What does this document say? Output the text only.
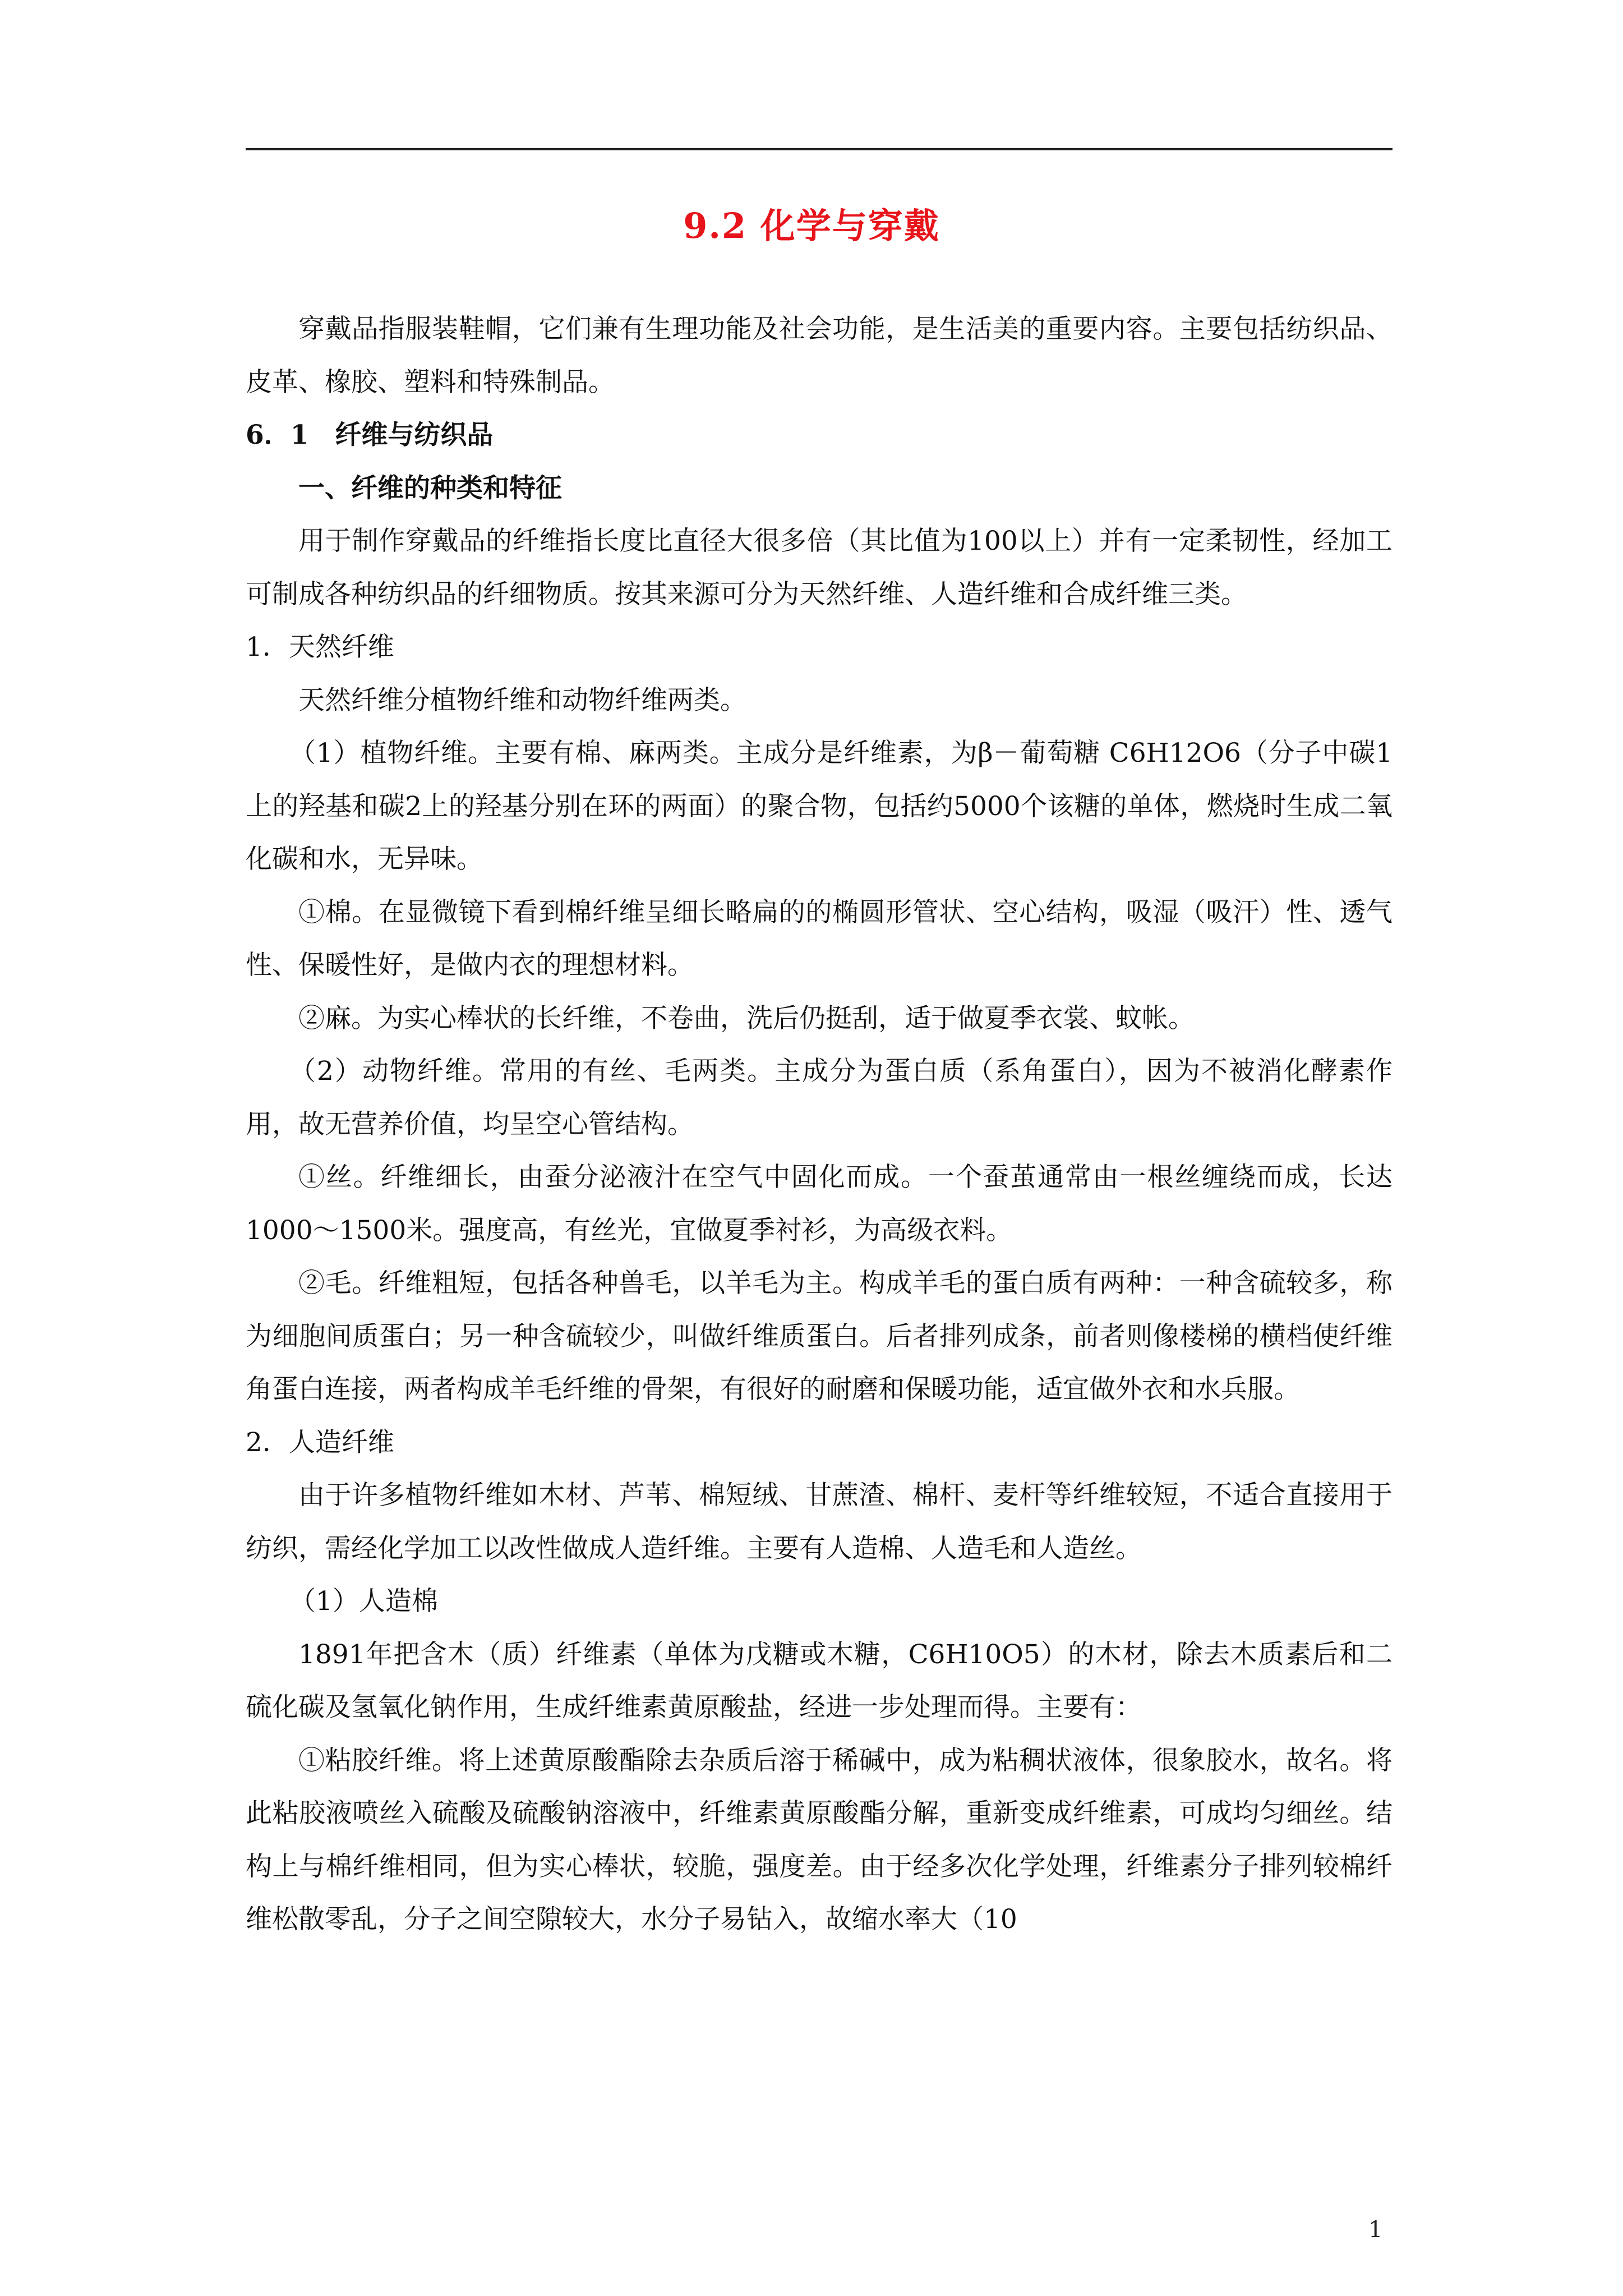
9.2 化学与穿戴

穿戴品指服装鞋帽，它们兼有生理功能及社会功能，是生活美的重要内容。主要包括纺织品、皮革、橡胶、塑料和特殊制品。

6．1　纤维与纺织品

一、纤维的种类和特征

用于制作穿戴品的纤维指长度比直径大很多倍（其比值为100以上）并有一定柔韧性，经加工可制成各种纺织品的纤细物质。按其来源可分为天然纤维、人造纤维和合成纤维三类。

1．天然纤维

天然纤维分植物纤维和动物纤维两类。

（1）植物纤维。主要有棉、麻两类。主成分是纤维素，为β－葡萄糖 C6H12O6（分子中碳1上的羟基和碳2上的羟基分别在环的两面）的聚合物，包括约5000个该糖的单体，燃烧时生成二氧化碳和水，无异味。

①棉。在显微镜下看到棉纤维呈细长略扁的的椭圆形管状、空心结构，吸湿（吸汗）性、透气性、保暖性好，是做内衣的理想材料。

②麻。为实心棒状的长纤维，不卷曲，洗后仍挺刮，适于做夏季衣裳、蚊帐。

（2）动物纤维。常用的有丝、毛两类。主成分为蛋白质（系角蛋白），因为不被消化酵素作用，故无营养价值，均呈空心管结构。

①丝。纤维细长，由蚕分泌液汁在空气中固化而成。一个蚕茧通常由一根丝缠绕而成，长达1000～1500米。强度高，有丝光，宜做夏季衬衫，为高级衣料。

②毛。纤维粗短，包括各种兽毛，以羊毛为主。构成羊毛的蛋白质有两种：一种含硫较多，称为细胞间质蛋白；另一种含硫较少，叫做纤维质蛋白。后者排列成条，前者则像楼梯的横档使纤维角蛋白连接，两者构成羊毛纤维的骨架，有很好的耐磨和保暖功能，适宜做外衣和水兵服。

2．人造纤维

由于许多植物纤维如木材、芦苇、棉短绒、甘蔗渣、棉杆、麦杆等纤维较短，不适合直接用于纺织，需经化学加工以改性做成人造纤维。主要有人造棉、人造毛和人造丝。

（1）人造棉

1891年把含木（质）纤维素（单体为戊糖或木糖，C6H10O5）的木材，除去木质素后和二硫化碳及氢氧化钠作用，生成纤维素黄原酸盐，经进一步处理而得。主要有：

①粘胶纤维。将上述黄原酸酯除去杂质后溶于稀碱中，成为粘稠状液体，很象胶水，故名。将此粘胶液喷丝入硫酸及硫酸钠溶液中，纤维素黄原酸酯分解，重新变成纤维素，可成均匀细丝。结构上与棉纤维相同，但为实心棒状，较脆，强度差。由于经多次化学处理，纤维素分子排列较棉纤维松散零乱，分子之间空隙较大，水分子易钻入，故缩水率大（10

1
